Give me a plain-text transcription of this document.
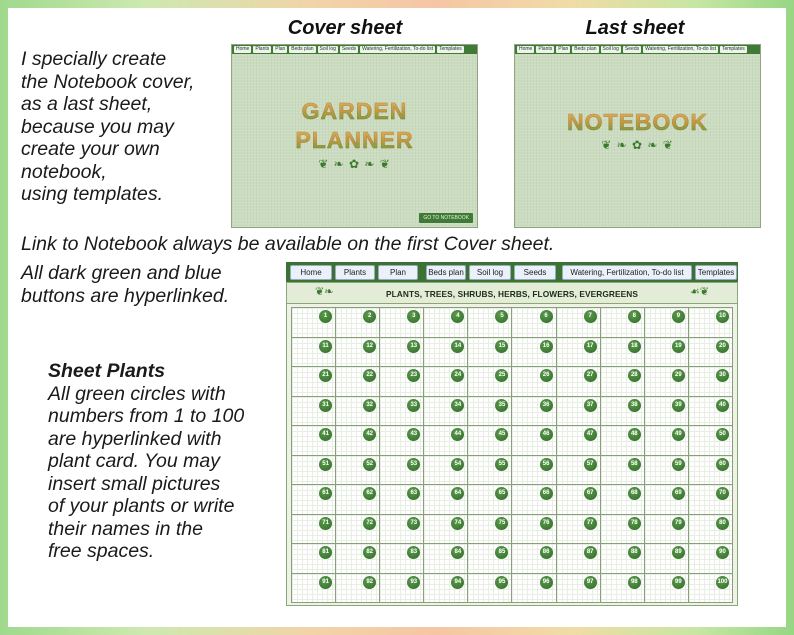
Cover sheet	Last sheet
I specially create
the Notebook cover,
as a last sheet,
because you may
create your own
notebook,
using templates.
Home	Plants	Plan	Beds plan	Soil log	Seeds	Watering, Fertilization, To-do list	Templates
GARDEN
PLANNER
❦ ❧ ✿ ❧ ❦
GO TO NOTEBOOK
Home	Plants	Plan	Beds plan	Soil log	Seeds	Watering, Fertilization, To-do list	Templates
NOTEBOOK
❦ ❧ ✿ ❧ ❦
Link to Notebook always be available on the first Cover sheet.
All dark green and blue
buttons are hyperlinked.
Sheet Plants
All green circles with
numbers from 1 to 100
are hyperlinked with
plant card. You may
insert small pictures
of your plants or write
their names in the
free spaces.
Home	Plants	Plan	Beds plan	Soil log	Seeds	Watering, Fertilization, To-do list	Templates
❦❧	PLANTS, TREES, SHRUBS, HERBS, FLOWERS, EVERGREENS	☙❦
1	2	3	4	5	6	7	8	9	10
11	12	13	14	15	16	17	18	19	20
21	22	23	24	25	26	27	28	29	30
31	32	33	34	35	36	37	38	39	40
41	42	43	44	45	46	47	48	49	50
51	52	53	54	55	56	57	58	59	60
61	62	63	64	65	66	67	68	69	70
71	72	73	74	75	76	77	78	79	80
81	82	83	84	85	86	87	88	89	90
91	92	93	94	95	96	97	98	99	100
